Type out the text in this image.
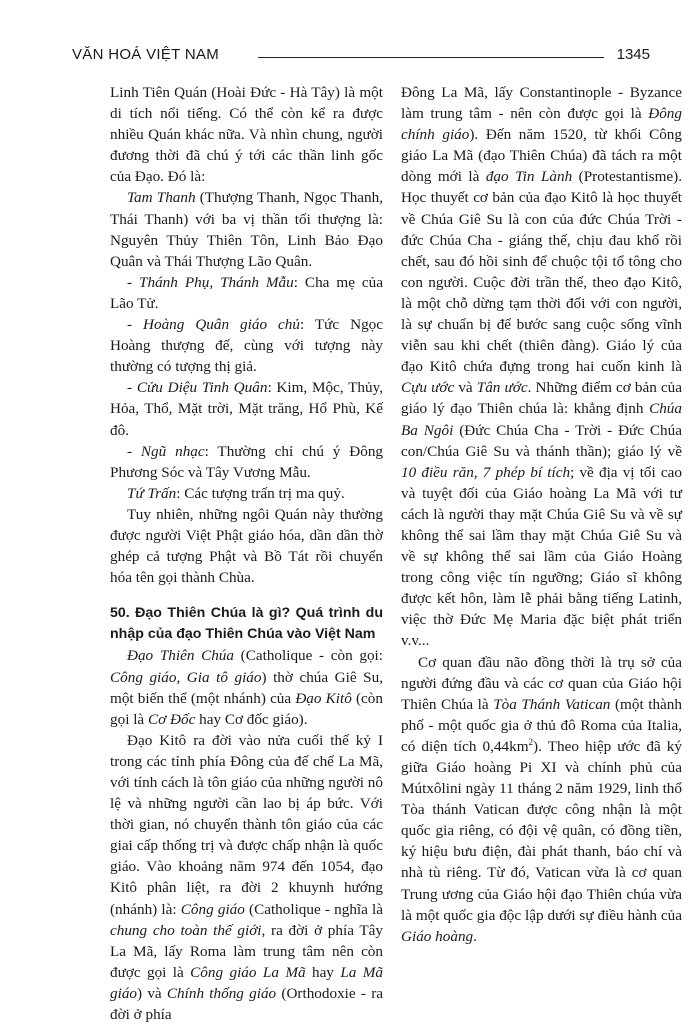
VĂN HOÁ VIỆT NAM	1345

Linh Tiên Quán (Hoài Đức - Hà Tây) là một di tích nổi tiếng. Có thể còn kể ra được nhiều Quán khác nữa. Và nhìn chung, người đương thời đã chú ý tới các thần linh gốc của Đạo. Đó là:

Tam Thanh (Thượng Thanh, Ngọc Thanh, Thái Thanh) với ba vị thần tối thượng là: Nguyên Thủy Thiên Tôn, Linh Bảo Đạo Quân và Thái Thượng Lão Quân.

- Thánh Phụ, Thánh Mẫu: Cha mẹ của Lão Tử.

- Hoàng Quân giáo chủ: Tức Ngọc Hoàng thượng đế, cùng với tượng này thường có tượng thị giả.

- Cửu Diệu Tinh Quân: Kim, Mộc, Thủy, Hỏa, Thổ, Mặt trời, Mặt trăng, Hổ Phù, Kế đô.

- Ngũ nhạc: Thường chỉ chú ý Đông Phương Sóc và Tây Vương Mẫu.

Tứ Trấn: Các tượng trấn trị ma quỷ.

Tuy nhiên, những ngôi Quán này thường được người Việt Phật giáo hóa, dần dần thờ ghép cả tượng Phật và Bồ Tát rồi chuyển hóa tên gọi thành Chùa.

50. Đạo Thiên Chúa là gì? Quá trình du nhập của đạo Thiên Chúa vào Việt Nam

Đạo Thiên Chúa (Catholique - còn gọi: Công giáo, Gia tô giáo) thờ chúa Giê Su, một biến thể (một nhánh) của Đạo Kitô (còn gọi là Cơ Đốc hay Cơ đốc giáo).

Đạo Kitô ra đời vào nửa cuối thế kỷ I trong các tỉnh phía Đông của đế chế La Mã, với tính cách là tôn giáo của những người nô lệ và những người cần lao bị áp bức. Với thời gian, nó chuyển thành tôn giáo của các giai cấp thống trị và được chấp nhận là quốc giáo. Vào khoảng năm 974 đến 1054, đạo Kitô phân liệt, ra đời 2 khuynh hướng (nhánh) là: Công giáo (Catholique - nghĩa là chung cho toàn thế giới, ra đời ở phía Tây La Mã, lấy Roma làm trung tâm nên còn được gọi là Công giáo La Mã hay La Mã giáo) và Chính thống giáo (Orthodoxie - ra đời ở phía

Đông La Mã, lấy Constantinople - Byzance làm trung tâm - nên còn được gọi là Đông chính giáo). Đến năm 1520, từ khối Công giáo La Mã (đạo Thiên Chúa) đã tách ra một dòng mới là đạo Tin Lành (Protestantisme). Học thuyết cơ bản của đạo Kitô là học thuyết về Chúa Giê Su là con của đức Chúa Trời - đức Chúa Cha - giáng thế, chịu đau khổ rồi chết, sau đó hồi sinh để chuộc tội tổ tông cho con người. Cuộc đời trần thế, theo đạo Kitô, là một chỗ dừng tạm thời đối với con người, là sự chuẩn bị để bước sang cuộc sống vĩnh viễn sau khi chết (thiên đàng). Giáo lý của đạo Kitô chứa đựng trong hai cuốn kinh là Cựu ước và Tân ước. Những điểm cơ bản của giáo lý đạo Thiên chúa là: khẳng định Chúa Ba Ngôi (Đức Chúa Cha - Trời - Đức Chúa con/Chúa Giê Su và thánh thần); giáo lý về 10 điều răn, 7 phép bí tích; về địa vị tối cao và tuyệt đối của Giáo hoàng La Mã với tư cách là người thay mặt Chúa Giê Su và về sự không thể sai lầm thay mặt Chúa Giê Su và về sự không thể sai lầm của Giáo Hoàng trong công việc tín ngưỡng; Giáo sĩ không được kết hôn, làm lễ phải bằng tiếng Latinh, việc thờ Đức Mẹ Maria đặc biệt phát triển v.v...

Cơ quan đầu não đồng thời là trụ sở của người đứng đầu và các cơ quan của Giáo hội Thiên Chúa là Tòa Thánh Vatican (một thành phố - một quốc gia ở thủ đô Roma của Italia, có diện tích $0,44km^2$). Theo hiệp ước đã ký giữa Giáo hoàng Pi XI và chính phủ của Mútxôlini ngày 11 tháng 2 năm 1929, linh thổ Tòa thánh Vatican được công nhận là một quốc gia riêng, có đội vệ quân, có đồng tiền, ký hiệu bưu điện, đài phát thanh, báo chí và nhà tù riêng. Từ đó, Vatican vừa là cơ quan Trung ương của Giáo hội đạo Thiên chúa vừa là một quốc gia độc lập dưới sự điều hành của Giáo hoàng.
